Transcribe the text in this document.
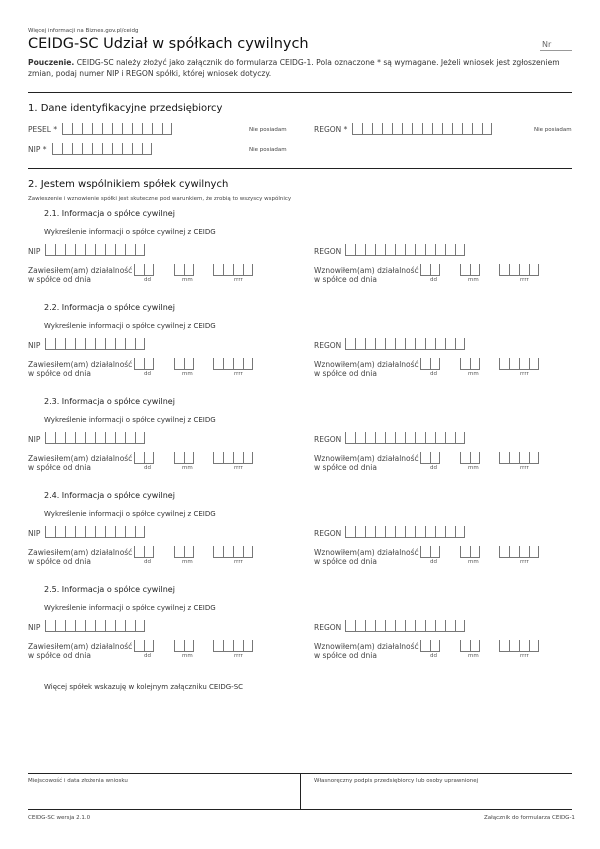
Więcej informacji na Biznes.gov.pl/ceidg
CEIDG-SC Udział w spółkach cywilnych	Nr
Pouczenie. CEIDG-SC należy złożyć jako załącznik do formularza CEIDG-1. Pola oznaczone * są wymagane. Jeżeli wniosek jest zgłoszeniem zmian, podaj numer NIP i REGON spółki, której wniosek dotyczy.
1. Dane identyfikacyjne przedsiębiorcy
PESEL *	Nie posiadam	REGON *	Nie posiadam
NIP *	Nie posiadam
2. Jestem wspólnikiem spółek cywilnych
Zawieszenie i wznowienie spółki jest skuteczne pod warunkiem, że zrobią to wszyscy wspólnicy
2.1. Informacja o spółce cywilnej
Wykreślenie informacji o spółce cywilnej z CEIDG
NIP	REGON
Zawiesiłem(am) działalność
w spółce od dnia	dd	mm	rrrr
Wznowiłem(am) działalność
w spółce od dnia	dd	mm	rrrr
2.2. Informacja o spółce cywilnej
Wykreślenie informacji o spółce cywilnej z CEIDG
NIP	REGON
Zawiesiłem(am) działalność
w spółce od dnia	dd	mm	rrrr
Wznowiłem(am) działalność
w spółce od dnia	dd	mm	rrrr
2.3. Informacja o spółce cywilnej
Wykreślenie informacji o spółce cywilnej z CEIDG
NIP	REGON
Zawiesiłem(am) działalność
w spółce od dnia	dd	mm	rrrr
Wznowiłem(am) działalność
w spółce od dnia	dd	mm	rrrr
2.4. Informacja o spółce cywilnej
Wykreślenie informacji o spółce cywilnej z CEIDG
NIP	REGON
Zawiesiłem(am) działalność
w spółce od dnia	dd	mm	rrrr
Wznowiłem(am) działalność
w spółce od dnia	dd	mm	rrrr
2.5. Informacja o spółce cywilnej
Wykreślenie informacji o spółce cywilnej z CEIDG
NIP	REGON
Zawiesiłem(am) działalność
w spółce od dnia	dd	mm	rrrr
Wznowiłem(am) działalność
w spółce od dnia	dd	mm	rrrr
Więcej spółek wskazuję w kolejnym załączniku CEIDG-SC
Miejscowość i data złożenia wniosku	Własnoręczny podpis przedsiębiorcy lub osoby uprawnionej
CEIDG-SC wersja 2.1.0	Załącznik do formularza CEIDG-1
